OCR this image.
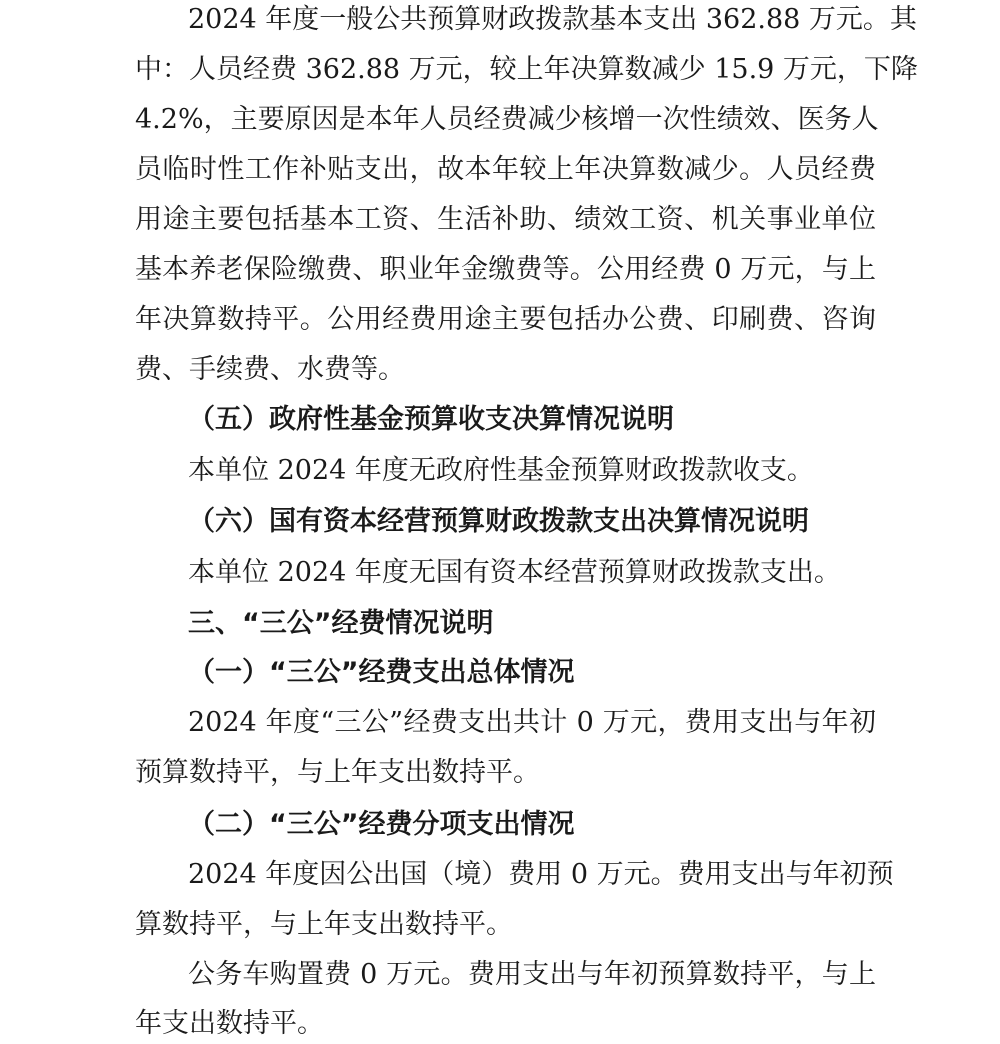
2024 年度一般公共预算财政拨款基本支出 362.88 万元。其
中：人员经费 362.88 万元，较上年决算数减少 15.9 万元，下降
4.2%，主要原因是本年人员经费减少核增一次性绩效、医务人
员临时性工作补贴支出，故本年较上年决算数减少。人员经费
用途主要包括基本工资、生活补助、绩效工资、机关事业单位
基本养老保险缴费、职业年金缴费等。公用经费 0 万元，与上
年决算数持平。公用经费用途主要包括办公费、印刷费、咨询
费、手续费、水费等。
（五）政府性基金预算收支决算情况说明
本单位 2024 年度无政府性基金预算财政拨款收支。
（六）国有资本经营预算财政拨款支出决算情况说明
本单位 2024 年度无国有资本经营预算财政拨款支出。
三、“三公”经费情况说明
（一）“三公”经费支出总体情况
2024 年度“三公”经费支出共计 0 万元，费用支出与年初
预算数持平，与上年支出数持平。
（二）“三公”经费分项支出情况
2024 年度因公出国（境）费用 0 万元。费用支出与年初预
算数持平，与上年支出数持平。
公务车购置费 0 万元。费用支出与年初预算数持平，与上
年支出数持平。
